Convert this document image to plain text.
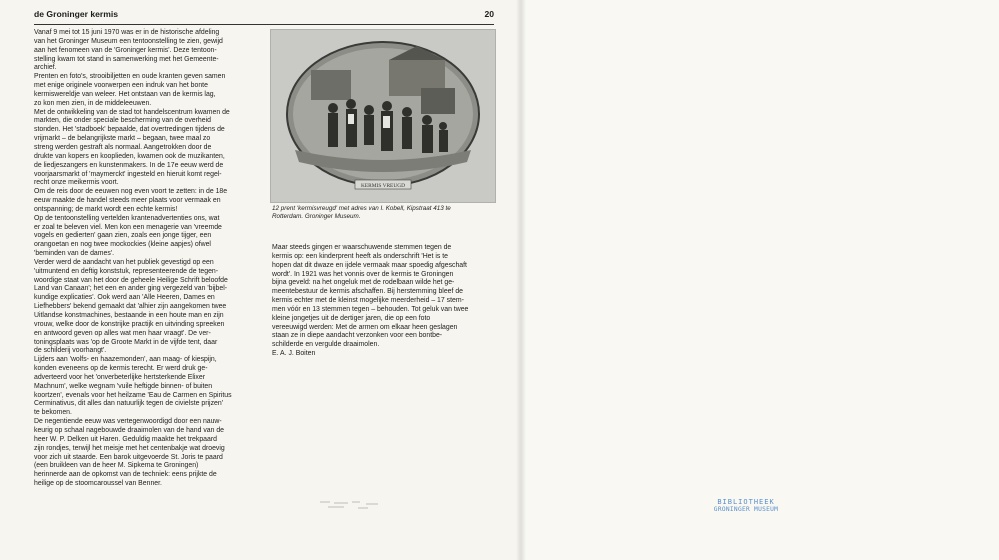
de Groninger kermis	20

Vanaf 9 mei tot 15 juni 1970 was er in de historische afdeling
van het Groninger Museum een tentoonstelling te zien, gewijd
aan het fenomeen van de 'Groninger kermis'. Deze tentoon-
stelling kwam tot stand in samenwerking met het Gemeente-
archief.

Prenten en foto's, strooibiljetten en oude kranten geven samen
met enige originele voorwerpen een indruk van het bonte
kermiswereldje van weleer. Het ontstaan van de kermis lag,
zo kon men zien, in de middeleeuwen.

Met de ontwikkeling van de stad tot handelscentrum kwamen de
markten, die onder speciale bescherming van de overheid
stonden. Het 'stadboek' bepaalde, dat overtredingen tijdens de
vrijmarkt – de belangrijkste markt – begaan, twee maal zo
streng werden gestraft als normaal. Aangetrokken door de
drukte van kopers en kooplieden, kwamen ook de muzikanten,
de liedjeszangers en kunstenmakers. In de 17e eeuw werd de
voorjaarsmarkt of 'maymerckt' ingesteld en hieruit komt regel-
recht onze meikermis voort.

Om de reis door de eeuwen nog even voort te zetten: in de 18e
eeuw maakte de handel steeds meer plaats voor vermaak en
ontspanning; de markt wordt een echte kermis!

Op de tentoonstelling vertelden krantenadvertenties ons, wat
er zoal te beleven viel. Men kon een menagerie van 'vreemde
vogels en gedierten' gaan zien, zoals een jonge tijger, een
orangoetan en nog twee mockockies (kleine aapjes) ofwel
'beminden van de dames'.

Verder werd de aandacht van het publiek gevestigd op een
'uitmuntend en deftig konststuk, representeerende de tegen-
woordige staat van het door de geheele Heilige Schrift beloofde
Land van Canaan'; het een en ander ging vergezeld van 'bijbel-
kundige explicaties'. Ook werd aan 'Alle Heeren, Dames en
Liefhebbers' bekend gemaakt dat 'alhier zijn aangekomen twee
Uitlandse konstmachines, bestaande in een houte man en zijn
vrouw, welke door de konstrijke practijk en uitvinding spreeken
en antwoord geven op alles wat men haar vraagt'. De ver-
toningsplaats was 'op de Groote Markt in de vijfde tent, daar
de schilderij voorhangt'.

Lijders aan 'wolfs- en haazemonden', aan maag- of kiespijn,
konden eveneens op de kermis terecht. Er werd druk ge-
adverteerd voor het 'onverbeterlijke hertsterkende Elixer
Machnum', welke wegnam 'vuile heftigde binnen- of buiten
koortzen', evenals voor het heilzame 'Eau de Carmen en Spiritus
Cerminativus, dit alles dan natuurlijk tegen de civielste prijzen'
te bekomen.

De negentiende eeuw was vertegenwoordigd door een nauw-
keurig op schaal nagebouwde draaimolen van de hand van de
heer W. P. Delken uit Haren. Geduldig maakte het trekpaard
zijn rondjes, terwijl het meisje met het centenbakje wat droevig
voor zich uit staarde. Een barok uitgevoerde St. Joris te paard
(een bruikleen van de heer M. Sipkema te Groningen)
herinnerde aan de opkomst van de techniek: eens prijkte de
heilige op de stoomcaroussel van Benner.

KERMIS VREUGD
12 prent 'kermisvreugd' met adres van I. Kobell, Kipstraat 413 te
Rotterdam. Groninger Museum.

Maar steeds gingen er waarschuwende stemmen tegen de
kermis op: een kinderprent heeft als onderschrift 'Het is te
hopen dat dit dwaze en ijdele vermaak maar spoedig afgeschaft
wordt'. In 1921 was het vonnis over de kermis te Groningen
bijna geveld: na het ongeluk met de rodelbaan wilde het ge-
meentebestuur de kermis afschaffen. Bij herstemming bleef de
kermis echter met de kleinst mogelijke meerderheid – 17 stem-
men vóór en 13 stemmen tegen – behouden. Tot geluk van twee
kleine jongetjes uit de dertiger jaren, die op een foto
vereeuwigd werden: Met de armen om elkaar heen geslagen
staan ze in diepe aandacht verzonken voor een bontbe-
schilderde en vergulde draaimolen.

E. A. J. Boiten

BIBLIOTHEEK
GRONINGER MUSEUM
